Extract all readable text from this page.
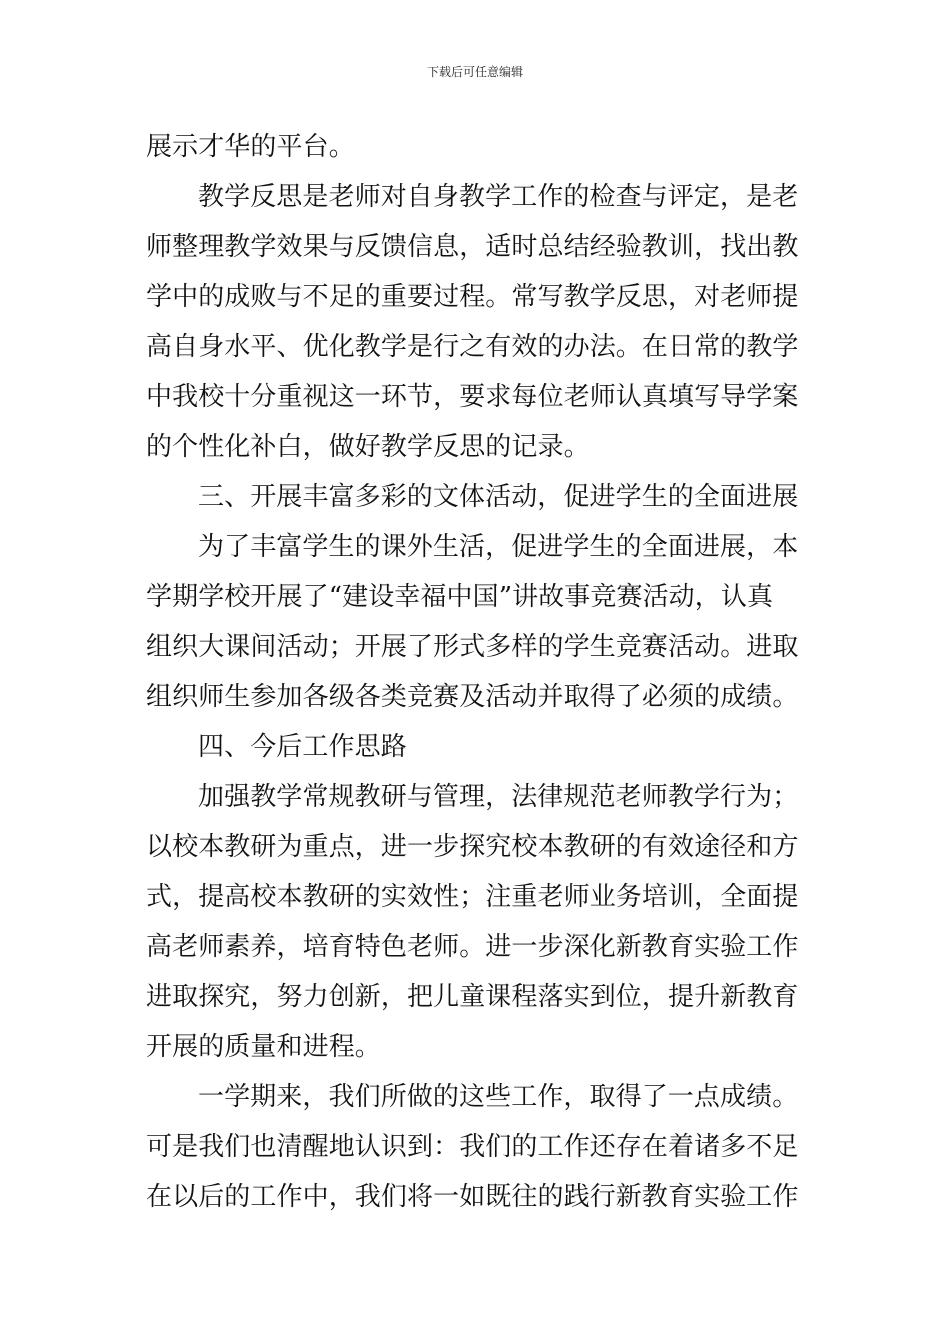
下载后可任意编辑
展示才华的平台。
教学反思是老师对自身教学工作的检查与评定，是老
师整理教学效果与反馈信息，适时总结经验教训，找出教
学中的成败与不足的重要过程。常写教学反思，对老师提
高自身水平、优化教学是行之有效的办法。在日常的教学
中我校十分重视这一环节，要求每位老师认真填写导学案
的个性化补白，做好教学反思的记录。
三、开展丰富多彩的文体活动，促进学生的全面进展
为了丰富学生的课外生活，促进学生的全面进展，本
学期学校开展了“建设幸福中国”讲故事竞赛活动，认真
组织大课间活动；开展了形式多样的学生竞赛活动。进取
组织师生参加各级各类竞赛及活动并取得了必须的成绩。
四、今后工作思路
加强教学常规教研与管理，法律规范老师教学行为；
以校本教研为重点，进一步探究校本教研的有效途径和方
式，提高校本教研的实效性；注重老师业务培训，全面提
高老师素养，培育特色老师。进一步深化新教育实验工作
进取探究，努力创新，把儿童课程落实到位，提升新教育
开展的质量和进程。
一学期来，我们所做的这些工作，取得了一点成绩。
可是我们也清醒地认识到：我们的工作还存在着诸多不足
在以后的工作中，我们将一如既往的践行新教育实验工作
